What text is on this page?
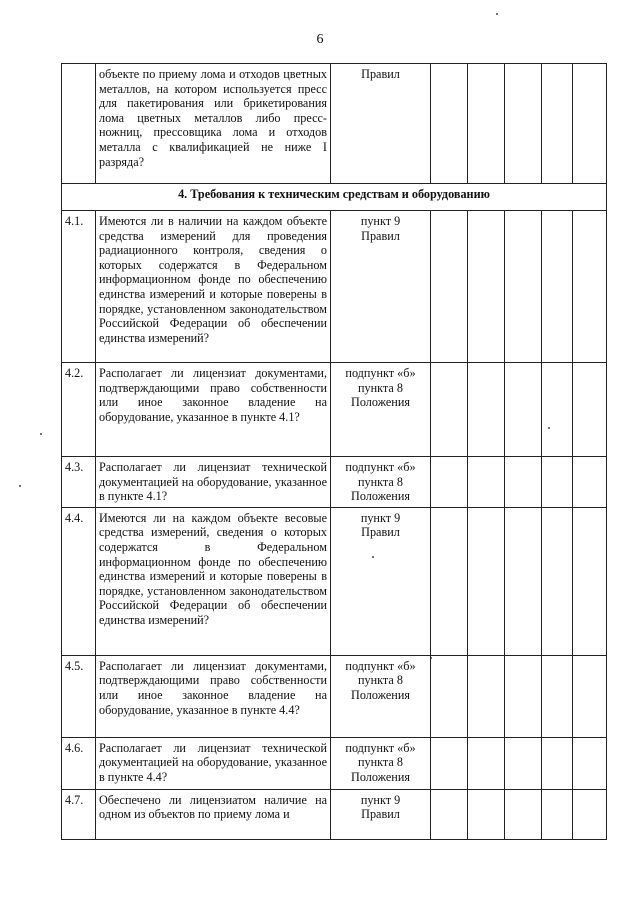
6
	объекте по приему лома и отходов цветных металлов, на котором используется пресс для пакетирования или брикетирования лома цветных металлов либо пресс-ножниц, прессовщика лома и отходов металла с квалификацией не ниже I разряда?	Правил					
4. Требования к техническим средствам и оборудованию							
4.1.	Имеются ли в наличии на каждом объекте средства измерений для проведения радиационного контроля, сведения о которых содержатся в Федеральном информационном фонде по обеспечению единства измерений и которые поверены в порядке, установленном законодательством Российской Федерации об обеспечении единства измерений?	пункт 9
Правил					
4.2.	Располагает ли лицензиат документами, подтверждающими право собственности или иное законное владение на оборудование, указанное в пункте 4.1?	подпункт «б»
пункта 8
Положения					
4.3.	Располагает ли лицензиат технической документацией на оборудование, указанное в пункте 4.1?	подпункт «б»
пункта 8
Положения					
4.4.	Имеются ли на каждом объекте весовые средства измерений, сведения о которых содержатся в Федеральном информационном фонде по обеспечению единства измерений и которые поверены в порядке, установленном законодательством Российской Федерации об обеспечении единства измерений?	пункт 9
Правил					
4.5.	Располагает ли лицензиат документами, подтверждающими право собственности или иное законное владение на оборудование, указанное в пункте 4.4?	подпункт «б»
пункта 8
Положения					
4.6.	Располагает ли лицензиат технической документацией на оборудование, указанное в пункте 4.4?	подпункт «б»
пункта 8
Положения					
4.7.	Обеспечено ли лицензиатом наличие на одном из объектов по приему лома и	пункт 9
Правил					
